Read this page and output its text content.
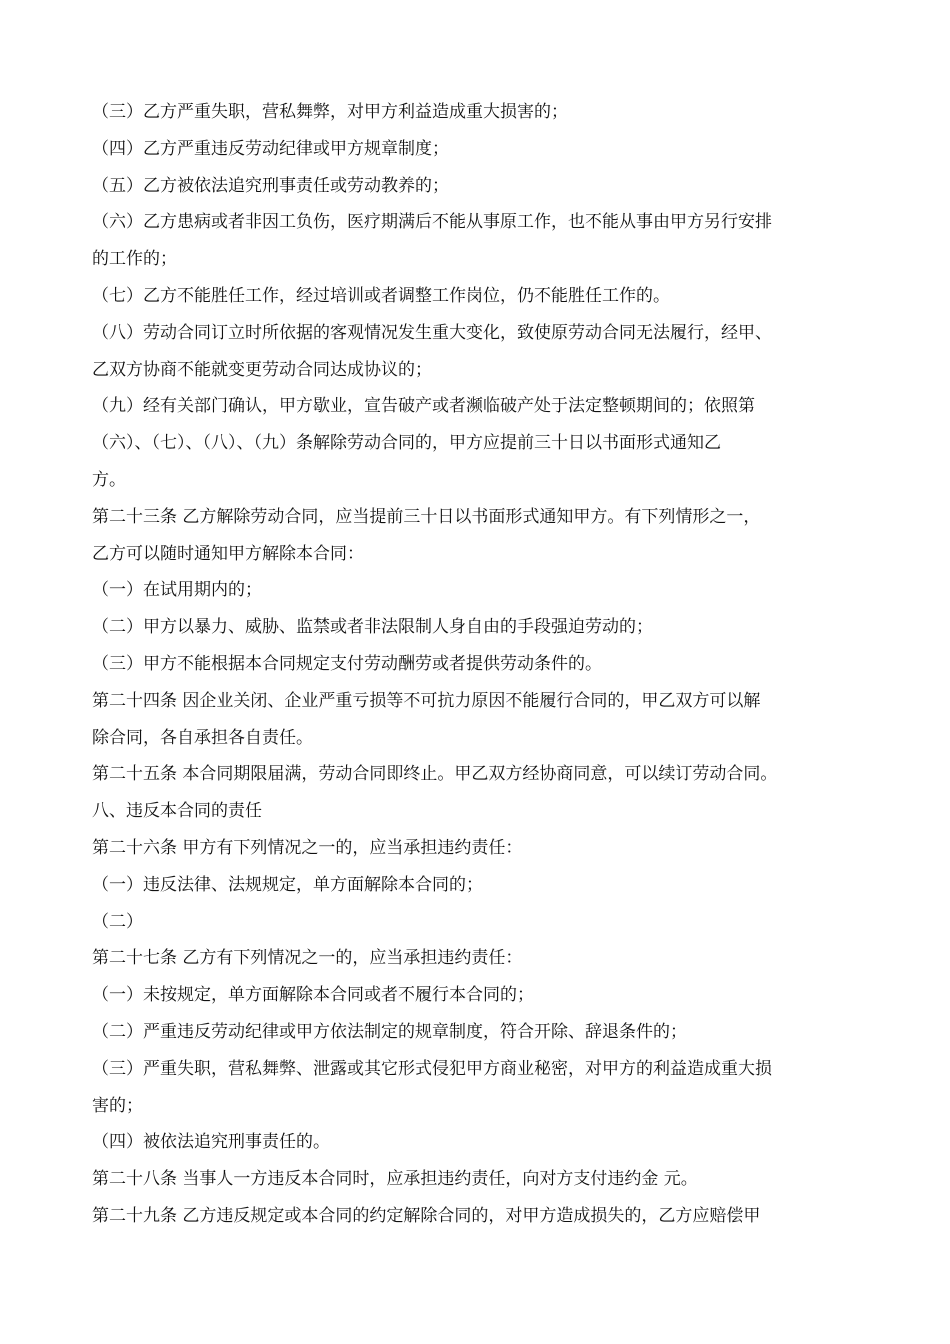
（三）乙方严重失职，营私舞弊，对甲方利益造成重大损害的；
（四）乙方严重违反劳动纪律或甲方规章制度；
（五）乙方被依法追究刑事责任或劳动教养的；
（六）乙方患病或者非因工负伤，医疗期满后不能从事原工作，也不能从事由甲方另行安排
的工作的；
（七）乙方不能胜任工作，经过培训或者调整工作岗位，仍不能胜任工作的。
（八）劳动合同订立时所依据的客观情况发生重大变化，致使原劳动合同无法履行，经甲、
乙双方协商不能就变更劳动合同达成协议的；
（九）经有关部门确认，甲方歇业，宣告破产或者濒临破产处于法定整顿期间的；依照第
（六）、（七）、（八）、（九）条解除劳动合同的，甲方应提前三十日以书面形式通知乙
方。
第二十三条 乙方解除劳动合同，应当提前三十日以书面形式通知甲方。有下列情形之一，
乙方可以随时通知甲方解除本合同：
（一）在试用期内的；
（二）甲方以暴力、威胁、监禁或者非法限制人身自由的手段强迫劳动的；
（三）甲方不能根据本合同规定支付劳动酬劳或者提供劳动条件的。
第二十四条 因企业关闭、企业严重亏损等不可抗力原因不能履行合同的，甲乙双方可以解
除合同，各自承担各自责任。
第二十五条 本合同期限届满，劳动合同即终止。甲乙双方经协商同意，可以续订劳动合同。
八、违反本合同的责任
第二十六条 甲方有下列情况之一的，应当承担违约责任：
（一）违反法律、法规规定，单方面解除本合同的；
（二）
第二十七条 乙方有下列情况之一的，应当承担违约责任：
（一）未按规定，单方面解除本合同或者不履行本合同的；
（二）严重违反劳动纪律或甲方依法制定的规章制度，符合开除、辞退条件的；
（三）严重失职，营私舞弊、泄露或其它形式侵犯甲方商业秘密，对甲方的利益造成重大损
害的；
（四）被依法追究刑事责任的。
第二十八条 当事人一方违反本合同时，应承担违约责任，向对方支付违约金 元。
第二十九条 乙方违反规定或本合同的约定解除合同的，对甲方造成损失的，乙方应赔偿甲
